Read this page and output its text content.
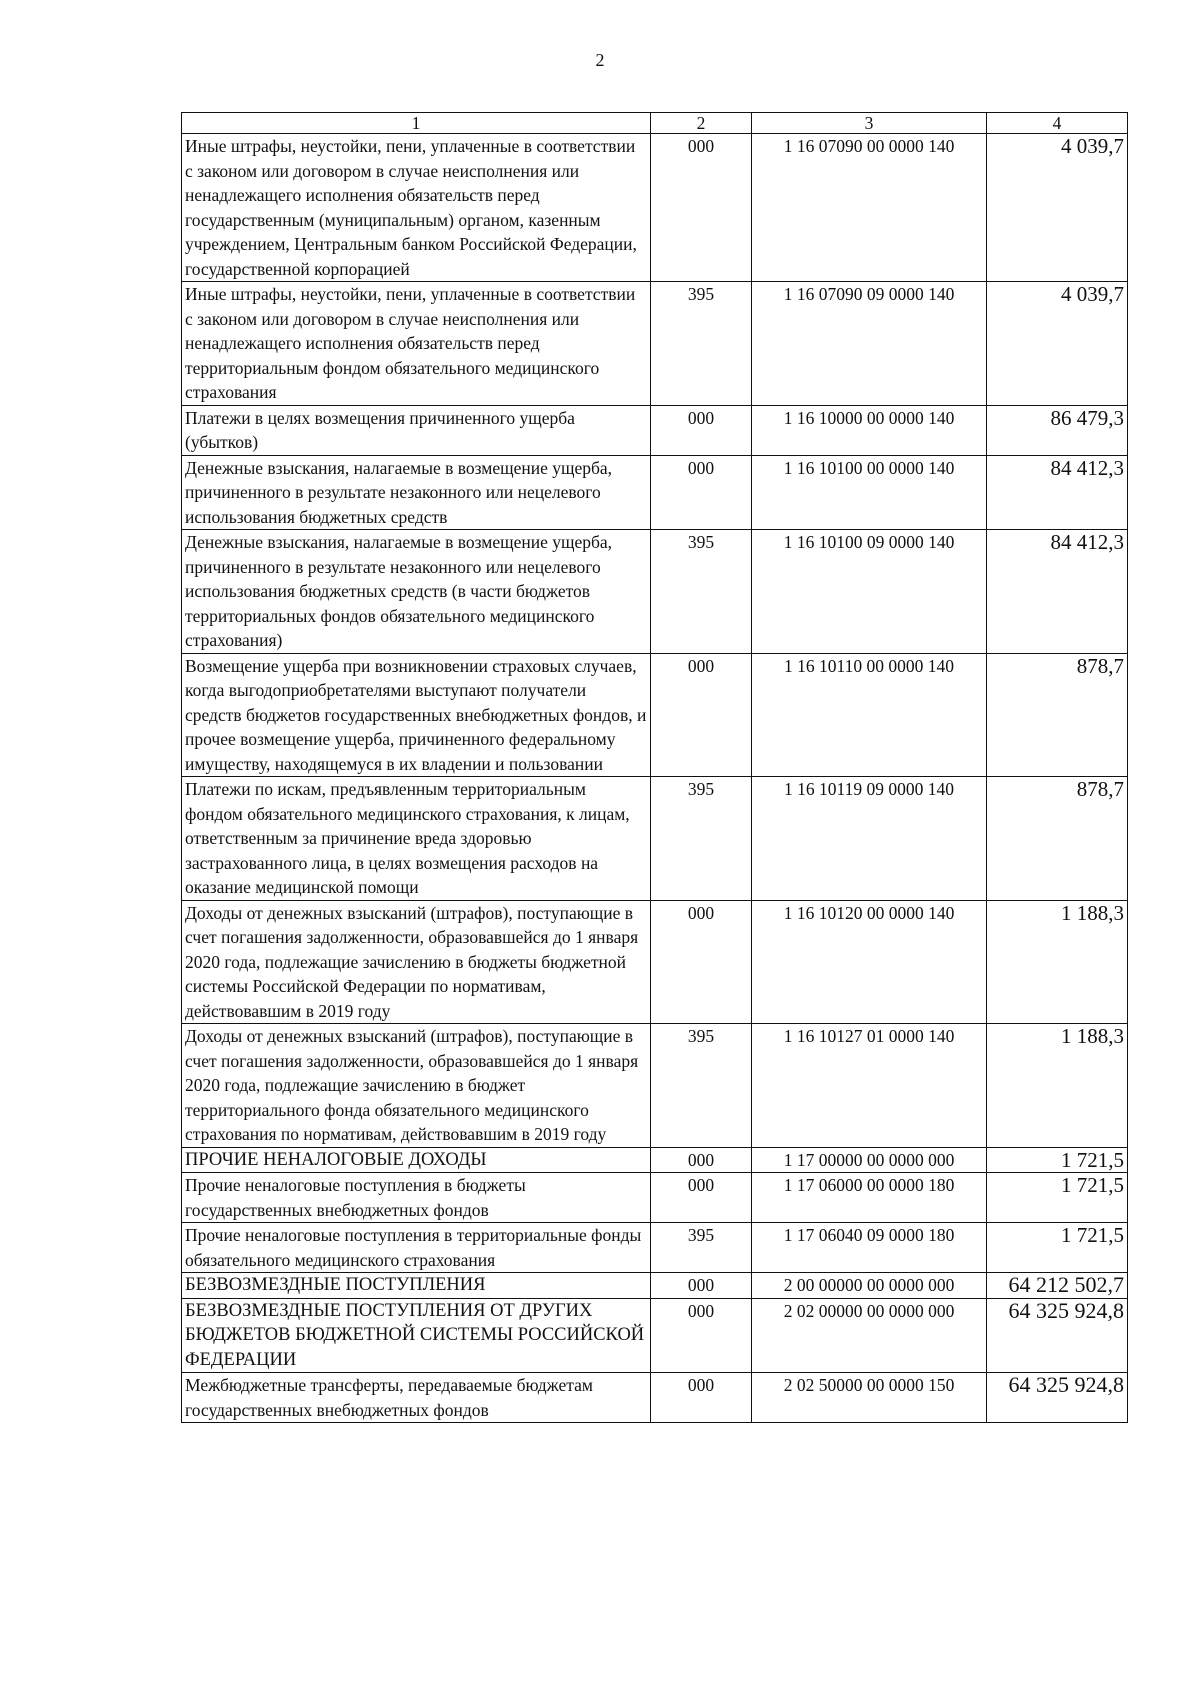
2
1	2	3	4
Иные штрафы, неустойки, пени, уплаченные в соответствии с законом или договором в случае неисполнения или ненадлежащего исполнения обязательств перед государственным (муниципальным) органом, казенным учреждением, Центральным банком Российской Федерации, государственной корпорацией	000	1 16 07090 00 0000 140	4 039,7
Иные штрафы, неустойки, пени, уплаченные в соответствии с законом или договором в случае неисполнения или ненадлежащего исполнения обязательств перед территориальным фондом обязательного медицинского страхования	395	1 16 07090 09 0000 140	4 039,7
Платежи в целях возмещения причиненного ущерба (убытков)	000	1 16 10000 00 0000 140	86 479,3
Денежные взыскания, налагаемые в возмещение ущерба, причиненного в результате незаконного или нецелевого использования бюджетных средств	000	1 16 10100 00 0000 140	84 412,3
Денежные взыскания, налагаемые в возмещение ущерба, причиненного в результате незаконного или нецелевого использования бюджетных средств (в части бюджетов территориальных фондов обязательного медицинского страхования)	395	1 16 10100 09 0000 140	84 412,3
Возмещение ущерба при возникновении страховых случаев, когда выгодоприобретателями выступают получатели средств бюджетов государственных внебюджетных фондов, и прочее возмещение ущерба, причиненного федеральному имуществу, находящемуся в их владении и пользовании	000	1 16 10110 00 0000 140	878,7
Платежи по искам, предъявленным территориальным фондом обязательного медицинского страхования, к лицам, ответственным за причинение вреда здоровью застрахованного лица, в целях возмещения расходов на оказание медицинской помощи	395	1 16 10119 09 0000 140	878,7
Доходы от денежных взысканий (штрафов), поступающие в счет погашения задолженности, образовавшейся до 1 января 2020 года, подлежащие зачислению в бюджеты бюджетной системы Российской Федерации по нормативам, действовавшим в 2019 году	000	1 16 10120 00 0000 140	1 188,3
Доходы от денежных взысканий (штрафов), поступающие в счет погашения задолженности, образовавшейся до 1 января 2020 года, подлежащие зачислению в бюджет территориального фонда обязательного медицинского страхования по нормативам, действовавшим в 2019 году	395	1 16 10127 01 0000 140	1 188,3
ПРОЧИЕ НЕНАЛОГОВЫЕ ДОХОДЫ	000	1 17 00000 00 0000 000	1 721,5
Прочие неналоговые поступления в бюджеты государственных внебюджетных фондов	000	1 17 06000 00 0000 180	1 721,5
Прочие неналоговые поступления в территориальные фонды обязательного медицинского страхования	395	1 17 06040 09 0000 180	1 721,5
БЕЗВОЗМЕЗДНЫЕ ПОСТУПЛЕНИЯ	000	2 00 00000 00 0000 000	64 212 502,7
БЕЗВОЗМЕЗДНЫЕ ПОСТУПЛЕНИЯ ОТ ДРУГИХ БЮДЖЕТОВ БЮДЖЕТНОЙ СИСТЕМЫ РОССИЙСКОЙ ФЕДЕРАЦИИ	000	2 02 00000 00 0000 000	64 325 924,8
Межбюджетные трансферты, передаваемые бюджетам государственных внебюджетных фондов	000	2 02 50000 00 0000 150	64 325 924,8
